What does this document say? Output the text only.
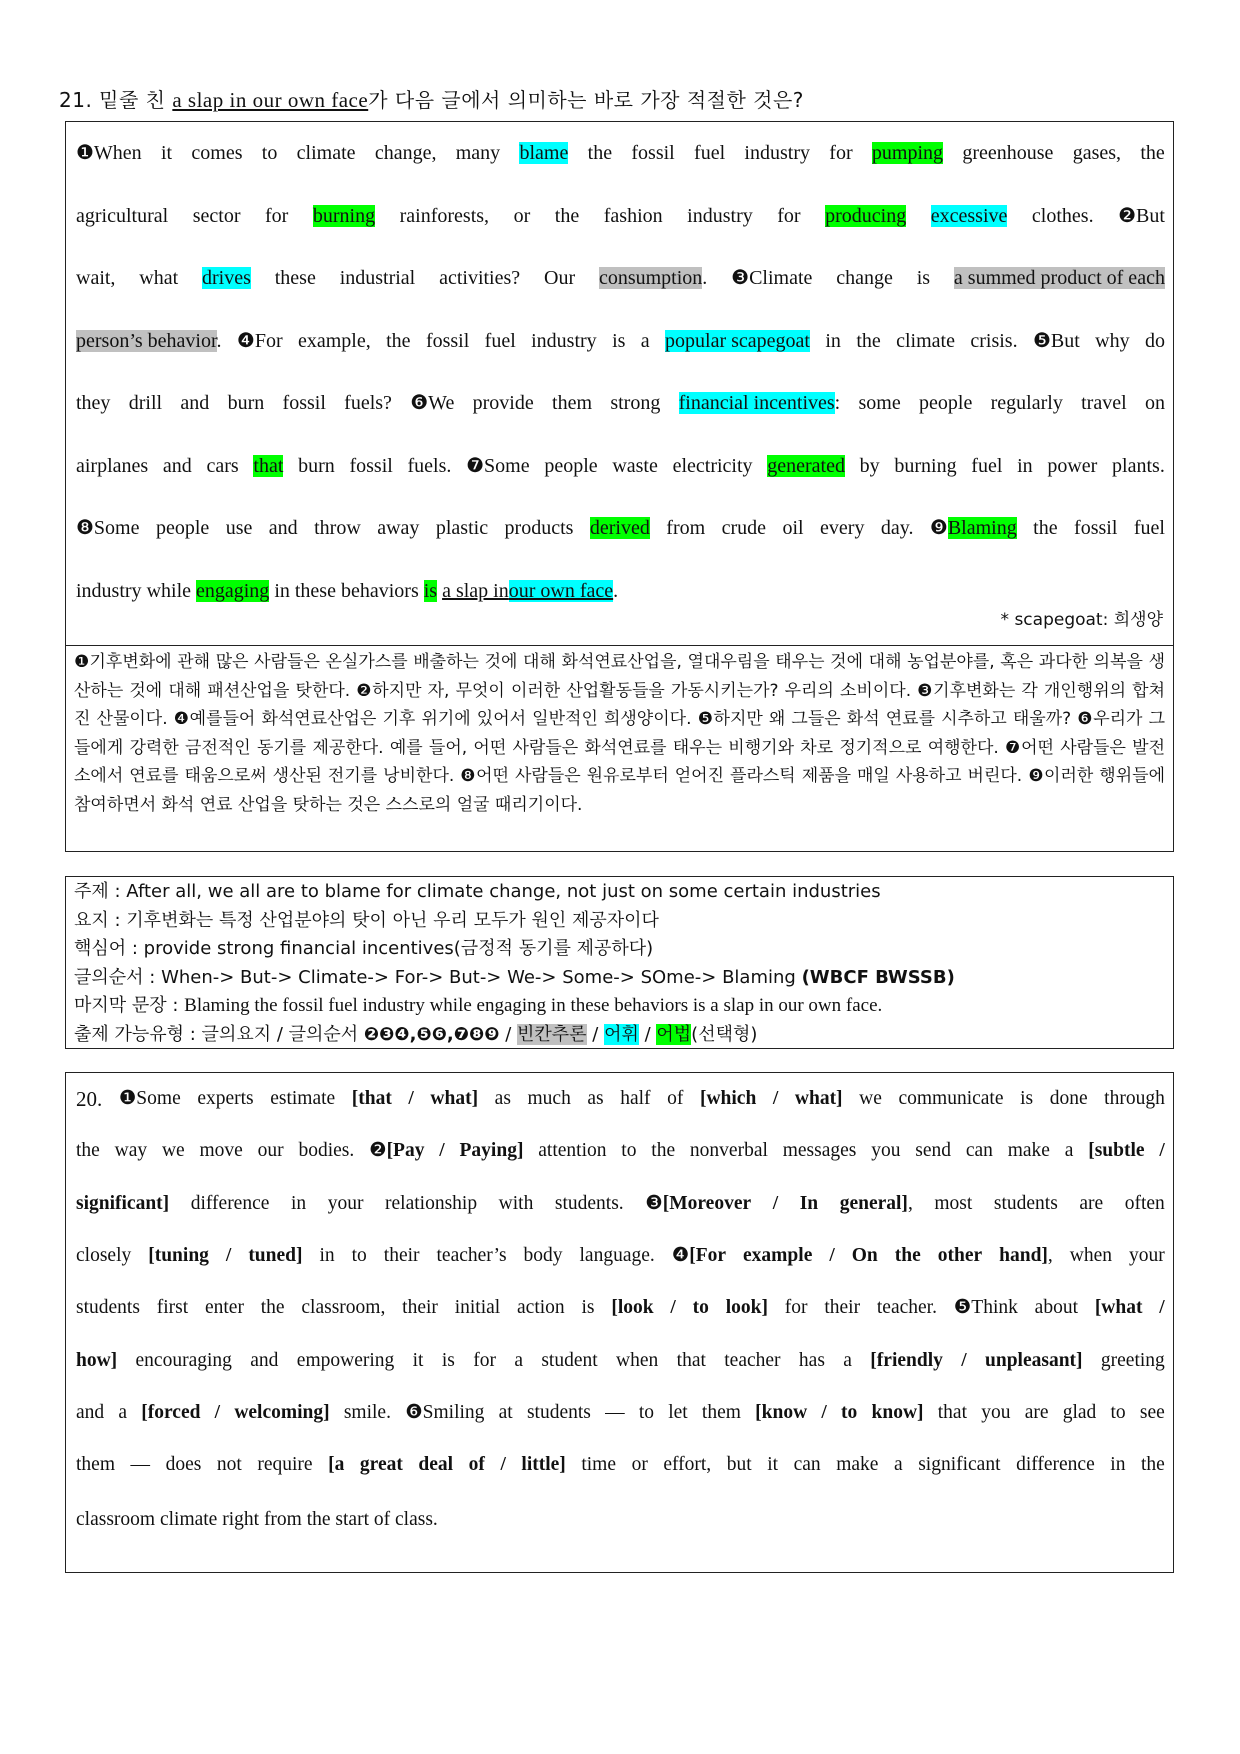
21. 밑줄 친 a slap in our own face가 다음 글에서 의미하는 바로 가장 적절한 것은?
❶When it comes to climate change, many blame the fossil fuel industry for pumping greenhouse gases, the
agricultural sector for burning rainforests, or the fashion industry for producing excessive clothes. ❷But
wait, what drives these industrial activities? Our consumption. ❸Climate change is a summed product of each
person’s behavior. ❹For example, the fossil fuel industry is a popular scapegoat in the climate crisis. ❺But why do
they drill and burn fossil fuels? ❻We provide them strong financial incentives: some people regularly travel on
airplanes and cars that burn fossil fuels. ❼Some people waste electricity generated by burning fuel in power plants.
❽Some people use and throw away plastic products derived from crude oil every day. ❾Blaming the fossil fuel
industry while engaging in these behaviors is a slap inour own face.
* scapegoat: 희생양
❶기후변화에 관해 많은 사람들은 온실가스를 배출하는 것에 대해 화석연료산업을, 열대우림을 태우는 것에 대해 농업분야를, 혹은 과다한 의복을 생산하는 것에 대해 패션산업을 탓한다. ❷하지만 자, 무엇이 이러한 산업활동들을 가동시키는가? 우리의 소비이다. ❸기후변화는 각 개인행위의 합쳐진 산물이다. ❹예를들어 화석연료산업은 기후 위기에 있어서 일반적인 희생양이다. ❺하지만 왜 그들은 화석 연료를 시추하고 태울까? ❻우리가 그들에게 강력한 금전적인 동기를 제공한다. 예를 들어, 어떤 사람들은 화석연료를 태우는 비행기와 차로 정기적으로 여행한다. ❼어떤 사람들은 발전소에서 연료를 태움으로써 생산된 전기를 낭비한다. ❽어떤 사람들은 원유로부터 얻어진 플라스틱 제품을 매일 사용하고 버린다. ❾이러한 행위들에 참여하면서 화석 연료 산업을 탓하는 것은 스스로의 얼굴 때리기이다.
주제 : After all, we all are to blame for climate change, not just on some certain industries
요지 : 기후변화는 특정 산업분야의 탓이 아닌 우리 모두가 원인 제공자이다
핵심어 : provide strong financial incentives(금정적 동기를 제공하다)
글의순서 : When-> But-> Climate-> For-> But-> We-> Some-> SOme-> Blaming (WBCF BWSSB)
마지막 문장 : Blaming the fossil fuel industry while engaging in these behaviors is a slap in our own face.
출제 가능유형 : 글의요지 / 글의순서 ❷❸❹,❺❻,❼❽❾ / 빈칸추론 / 어휘 / 어법(선택형)
20. ❶Some experts estimate [that / what] as much as half of [which / what] we communicate is done through
the way we move our bodies. ❷[Pay / Paying] attention to the nonverbal messages you send can make a [subtle /
significant] difference in your relationship with students. ❸[Moreover / In general], most students are often
closely [tuning / tuned] in to their teacher’s body language. ❹[For example / On the other hand], when your
students first enter the classroom, their initial action is [look / to look] for their teacher. ❺Think about [what /
how] encouraging and empowering it is for a student when that teacher has a [friendly / unpleasant] greeting
and a [forced / welcoming] smile. ❻Smiling at students — to let them [know / to know] that you are glad to see
them — does not require [a great deal of / little] time or effort, but it can make a significant difference in the
classroom climate right from the start of class.
